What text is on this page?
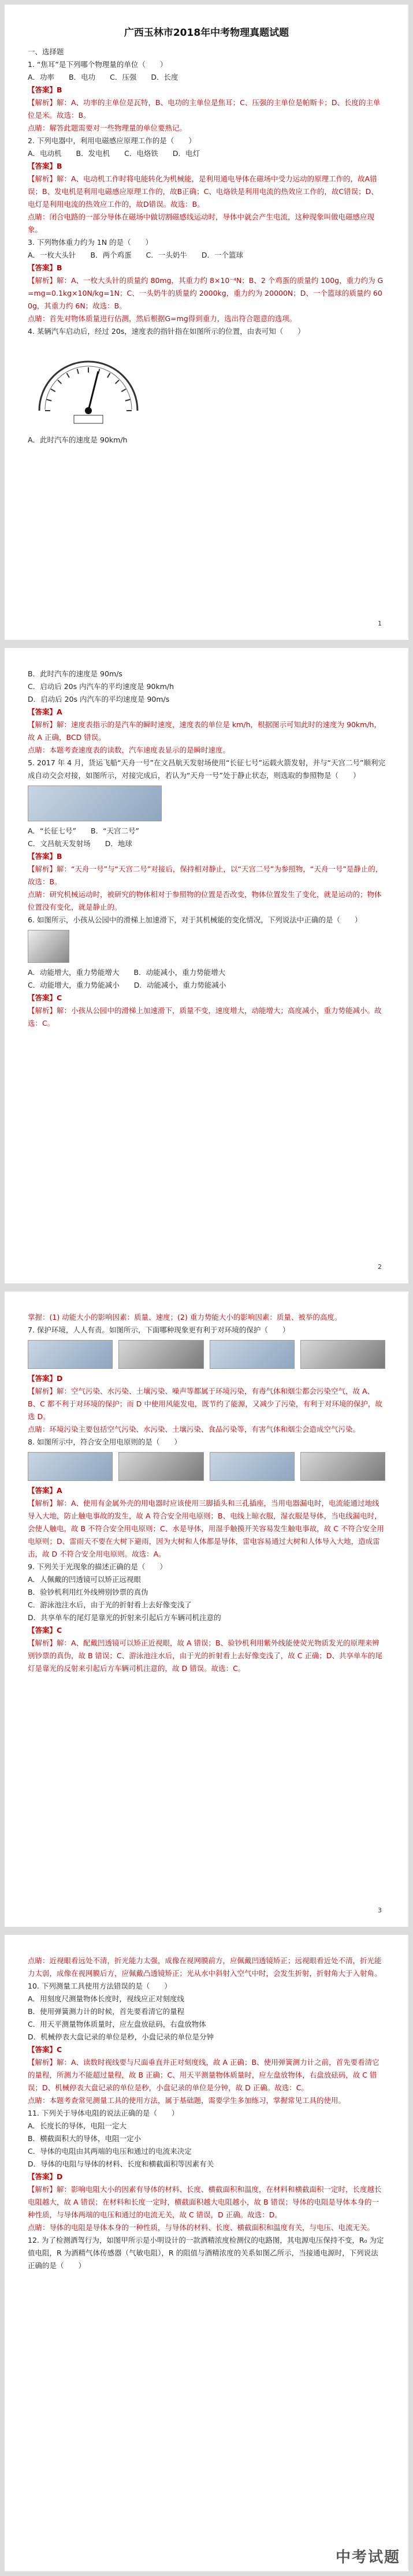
广西玉林市2018年中考物理真题试题

一、选择题

1. “焦耳”是下列哪个物理量的单位（　　）

A．功率　　B．电功　　C．压强　　D．长度

【答案】B

【解析】解：A、功率的主单位是瓦特，B、电功的主单位是焦耳；C、压强的主单位是帕斯卡；D、长度的主单位是米。故选：B。

点睛：解答此题需要对一些物理量的单位要熟记。

2. 下列电器中，利用电磁感应原理工作的是（　　）

A．电动机　　B．发电机　　C．电烙铁　　D．电灯

【答案】B

【解析】解：A、电动机工作时将电能转化为机械能，是利用通电导体在磁场中受力运动的原理工作的，故A错误；B、发电机是利用电磁感应原理工作的，故B正确；C、电烙铁是利用电流的热效应工作的，故C错误；D、电灯是利用电流的热效应工作的，故D错误。故选：B。

点睛：闭合电路的一部分导体在磁场中做切割磁感线运动时，导体中就会产生电流，这种现象叫做电磁感应现象。

3. 下列物体重力约为 1N 的是（　　）

A．一枚大头针　　B．两个鸡蛋　　C．一头奶牛　　D．一个篮球

【答案】B

【解析】解：A、一枚大头针的质量约 80mg，其重力约 8×10⁻⁴N；B、2 个鸡蛋的质量约 100g，重力约为 G=mg=0.1kg×10N/kg=1N；C、一头奶牛的质量约 2000kg，重力约为 20000N；D、一个篮球的质量约 600g，其重力约 6N；故选：B。

点睛：首先对物体质量进行估测，然后根据G=mg得到重力，选出符合题意的选项。

4. 某辆汽车启动后，经过 20s，速度表的指针指在如图所示的位置，由表可知（　　）

A．此时汽车的速度是 90km/h

1

B．此时汽车的速度是 90m/s

C．启动后 20s 内汽车的平均速度是 90km/h

D．启动后 20s 内汽车的平均速度是 90m/s

【答案】A

【解析】解：速度表指示的是汽车的瞬时速度，速度表的单位是 km/h，根据图示可知此时的速度为 90km/h，故 A 正确，BCD 错误。

点睛：本题考查速度表的读数，汽车速度表显示的是瞬时速度。

5. 2017 年 4 月，货运飞船“天舟一号”在文昌航天发射场使用“长征七号”运载火箭发射，并与“天宫二号”顺利完成自动交会对接，如图所示，对接完成后，若认为“天舟一号”处于静止状态，则选取的参照物是（　　）

A．“长征七号”　　B．“天宫二号”

C．文昌航天发射场　　D．地球

【答案】B

【解析】解：“天舟一号”与“天宫二号”对接后，保持相对静止，以“天宫二号”为参照物，“天舟一号”是静止的，故选：B。

点睛：研究机械运动时，被研究的物体相对于参照物的位置是否改变，物体位置发生了变化，就是运动的；物体位置没有变化，就是静止的。

6. 如图所示，小孩从公园中的滑梯上加速滑下，对于其机械能的变化情况，下列说法中正确的是（　　）

A．动能增大，重力势能增大　　B．动能减小，重力势能增大

C．动能增大，重力势能减小　　D．动能减小，重力势能减小

【答案】C

【解析】解：小孩从公园中的滑梯上加速滑下，质量不变，速度增大，动能增大；高度减小，重力势能减小。故选：C。

2

掌握：(1) 动能大小的影响因素：质量、速度；(2) 重力势能大小的影响因素：质量、被举的高度。

7. 保护环境，人人有责。如图所示，下面哪种现象更有利于对环境的保护（　　）

【答案】D

【解析】解：空气污染、水污染、土壤污染、噪声等都属于环境污染，有毒气体和烟尘都会污染空气，故 A、B、C 都不利于对环境的保护；而 D 中使用风能发电，既节约了能源，又减少了污染，有利于对环境的保护，故选 D。

点睛：环境污染主要包括空气污染、水污染、土壤污染、食品污染等，有害气体和烟尘会造成空气污染。

8. 如图所示中，符合安全用电原则的是（　　）

【答案】A

【解析】解：A、使用有金属外壳的用电器时应该使用三脚插头和三孔插座，当用电器漏电时，电流能通过地线导入大地，防止触电事故的发生，故 A 符合安全用电原则；B、电线上晾衣服，湿衣服是导体，当电线漏电时，会使人触电，故 B 不符合安全用电原则；C、水是导体，用湿手触摸开关容易发生触电事故，故 C 不符合安全用电原则；D、雷雨天不要在大树下避雨，因为大树和人体都是导体，雷电容易通过大树和人体导入大地，造成雷击，故 D 不符合安全用电原则。故选：A。

9. 下列关于光现象的描述正确的是（　　）

A．人佩戴的凹透镜可以矫正远视眼

B．验钞机利用红外线辨别钞票的真伪

C．游泳池注水后，由于光的折射看上去好像变浅了

D．共享单车的尾灯是靠光的折射来引起后方车辆司机注意的

【答案】C

【解析】解：A、配戴凹透镜可以矫正近视眼，故 A 错误；B、验钞机利用紫外线能使荧光物质发光的原理来辨别钞票的真伪，故 B 错误；C、游泳池注水后，由于光的折射看上去好像变浅了，故 C 正确；D、共享单车的尾灯是靠光的反射来引起后方车辆司机注意的，故 D 错误。故选：C。

3

点睛：近视眼看远处不清，折光能力太强，成像在视网膜前方，应佩戴凹透镜矫正；远视眼看近处不清，折光能力太弱，成像在视网膜后方，应佩戴凸透镜矫正；光从水中斜射入空气中时，会发生折射，折射角大于入射角。

10. 下列测量工具使用方法错误的是（　　）

A．用刻度尺测量物体长度时，视线应正对刻度线

B．使用弹簧测力计的时候，首先要看清它的量程

C．用天平测量物体质量时，应左盘放砝码，右盘放物体

D．机械停表大盘记录的单位是秒，小盘记录的单位是分钟

【答案】C

【解析】解：A、读数时视线要与尺面垂直并正对刻度线，故 A 正确；B、使用弹簧测力计之前，首先要看清它的量程，所测力不能超过量程，故 B 正确；C、用天平测量物体质量时，应左盘放物体，右盘放砝码，故 C 错误；D、机械停表大盘记录的单位是秒，小盘记录的单位是分钟，故 D 正确。故选：C。

点睛：本题考查常见测量工具的使用方法，属于基础题，需要学生多加练习，掌握常见工具的使用。

11. 下列关于导体电阻的说法正确的是（　　）

A．长度长的导体，电阻一定大

B．横截面积大的导体，电阻一定小

C．导体的电阻由其两端的电压和通过的电流来决定

D．导体的电阻与导体的材料、长度和横截面积等因素有关

【答案】D

【解析】解：影响电阻大小的因素有导体的材料、长度、横截面积和温度，在材料和横截面积一定时，长度越长电阻越大，故 A 错误；在材料和长度一定时，横截面积越大电阻越小，故 B 错误；导体的电阻是导体本身的一种性质，与导体两端的电压和通过的电流无关，故 C 错误，D 正确。故选：D。

点睛：导体的电阻是导体本身的一种性质，与导体的材料、长度、横截面积和温度有关，与电压、电流无关。

12. 为了检测酒驾行为，如图甲所示是小明设计的一款酒精浓度检测仪的电路图，其电源电压保持不变，R₀ 为定值电阻，R 为酒精气体传感器（气敏电阻），R 的阻值与酒精浓度的关系如图乙所示，当接通电源时，下列说法正确的是（　　）

中考试题
